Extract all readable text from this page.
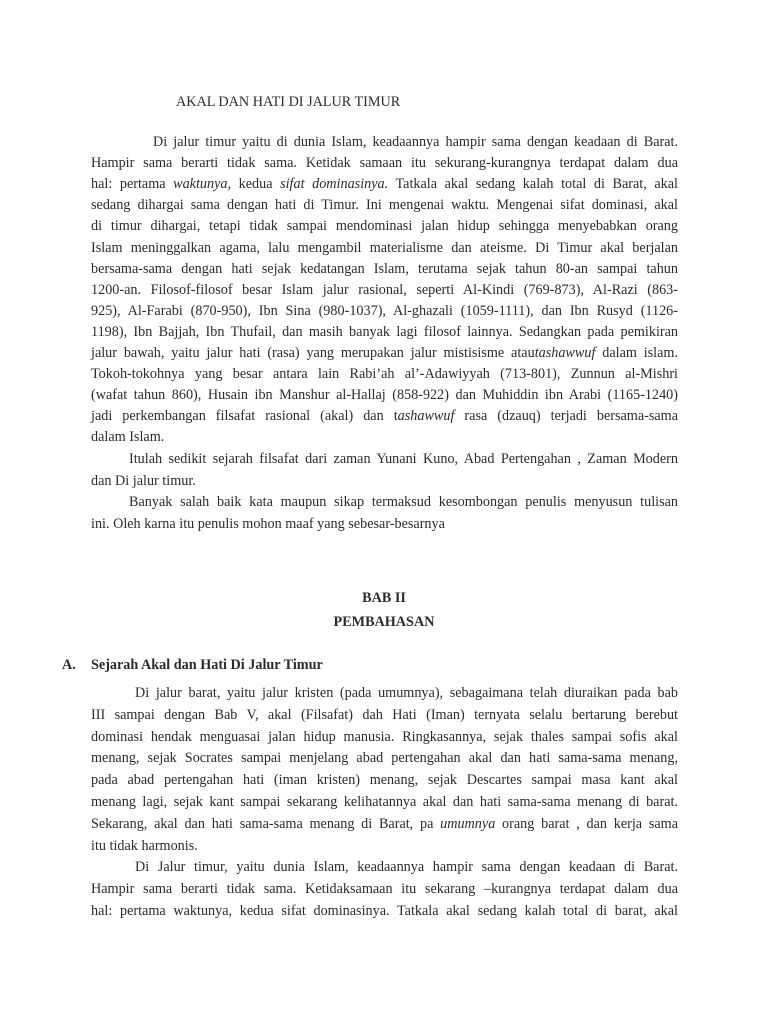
AKAL DAN HATI DI JALUR TIMUR
Di jalur timur yaitu di dunia Islam, keadaannya hampir sama dengan keadaan di Barat.
Hampir sama berarti tidak sama. Ketidak samaan itu sekurang-kurangnya terdapat dalam dua
hal: pertama waktunya, kedua sifat dominasinya. Tatkala akal sedang kalah total di Barat, akal
sedang dihargai sama dengan hati di Timur. Ini mengenai waktu. Mengenai sifat dominasi, akal
di timur dihargai, tetapi tidak sampai mendominasi jalan hidup sehingga menyebabkan orang
Islam meninggalkan agama, lalu mengambil materialisme dan ateisme. Di Timur akal berjalan
bersama-sama dengan hati sejak kedatangan Islam, terutama sejak tahun 80-an sampai tahun
1200-an. Filosof-filosof besar Islam jalur rasional, seperti Al-Kindi (769-873), Al-Razi (863-
925), Al-Farabi (870-950), Ibn Sina (980-1037), Al-ghazali (1059-1111), dan Ibn Rusyd (1126-
1198), Ibn Bajjah, Ibn Thufail, dan masih banyak lagi filosof lainnya. Sedangkan pada pemikiran
jalur bawah, yaitu jalur hati (rasa) yang merupakan jalur mistisisme atautashawwuf dalam islam.
Tokoh-tokohnya yang besar antara lain Rabi’ah al’-Adawiyyah (713-801), Zunnun al-Mishri
(wafat tahun 860), Husain ibn Manshur al-Hallaj (858-922) dan Muhiddin ibn Arabi (1165-1240)
jadi perkembangan filsafat rasional (akal) dan tashawwuf rasa (dzauq) terjadi bersama-sama
dalam Islam.
Itulah sedikit sejarah filsafat dari zaman Yunani Kuno, Abad Pertengahan , Zaman Modern
dan Di jalur timur.
Banyak salah baik kata maupun sikap termaksud kesombongan penulis menyusun tulisan
ini. Oleh karna itu penulis mohon maaf yang sebesar-besarnya
BAB II
PEMBAHASAN
A. Sejarah Akal dan Hati Di Jalur Timur
Di jalur barat, yaitu jalur kristen (pada umumnya), sebagaimana telah diuraikan pada bab
III sampai dengan Bab V, akal (Filsafat) dah Hati (Iman) ternyata selalu bertarung berebut
dominasi hendak menguasai jalan hidup manusia. Ringkasannya, sejak thales sampai sofis akal
menang, sejak Socrates sampai menjelang abad pertengahan akal dan hati sama-sama menang,
pada abad pertengahan hati (iman kristen) menang, sejak Descartes sampai masa kant akal
menang lagi, sejak kant sampai sekarang kelihatannya akal dan hati sama-sama menang di barat.
Sekarang, akal dan hati sama-sama menang di Barat, pa umumnya orang barat , dan kerja sama
itu tidak harmonis.
Di Jalur timur, yaitu dunia Islam, keadaannya hampir sama dengan keadaan di Barat.
Hampir sama berarti tidak sama. Ketidaksamaan itu sekarang –kurangnya terdapat dalam dua
hal: pertama waktunya, kedua sifat dominasinya. Tatkala akal sedang kalah total di barat, akal
